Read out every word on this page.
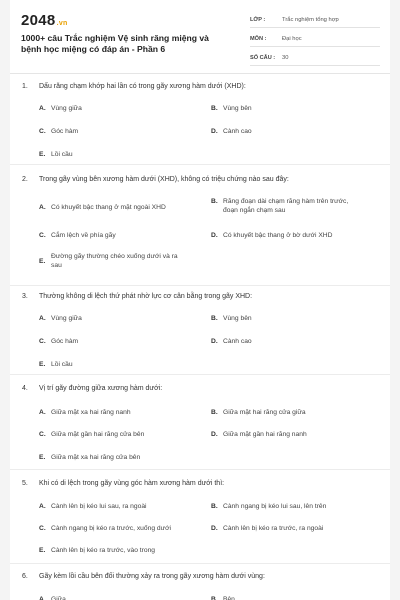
2048.vn
1000+ câu Trắc nghiệm Vệ sinh răng miệng và bệnh học miệng có đáp án - Phần 6
LỚP :	Trắc nghiệm tổng hợp
MÔN :	Đại học
SỐ CÂU :	30
1. Dấu răng chạm khớp hai lần có trong gãy xương hàm dưới (XHD):
A. Vùng giữa	B. Vùng bên
C. Góc hàm	D. Cành cao
E. Lồi cầu
2. Trong gãy vùng bên xương hàm dưới (XHD), không có triệu chứng nào sau đây:
A. Có khuyết bậc thang ở mặt ngoài XHD
B. Răng đoạn dài chạm răng hàm trên trước, đoạn ngắn chạm sau
C. Cắm lệch về phía gãy	D. Có khuyết bậc thang ở bờ dưới XHD
E.
Đường gãy thường chéo xuống dưới và ra sau
3. Thường không di lệch thứ phát nhờ lực cơ cân bằng trong gãy XHD:
A. Vùng giữa	B. Vùng bên
C. Góc hàm	D. Cành cao
E. Lồi cầu
4. Vị trí gãy đường giữa xương hàm dưới:
A. Giữa mặt xa hai răng nanh	B. Giữa mặt hai răng cửa giữa
C. Giữa mặt gần hai răng cửa bên	D. Giữa mặt gần hai răng nanh
E. Giữa mặt xa hai răng cửa bên
5. Khi có di lệch trong gãy vùng góc hàm xương hàm dưới thì:
A. Cành lên bị kéo lui sau, ra ngoài	B. Cành ngang bị kéo lui sau, lên trên
C. Cành ngang bị kéo ra trước, xuống dưới	D. Cành lên bị kéo ra trước, ra ngoài
E. Cành lên bị kéo ra trước, vào trong
6. Gãy kèm lồi cầu bên đối thường xảy ra trong gãy xương hàm dưới vùng:
A. Giữa	B. Bên
